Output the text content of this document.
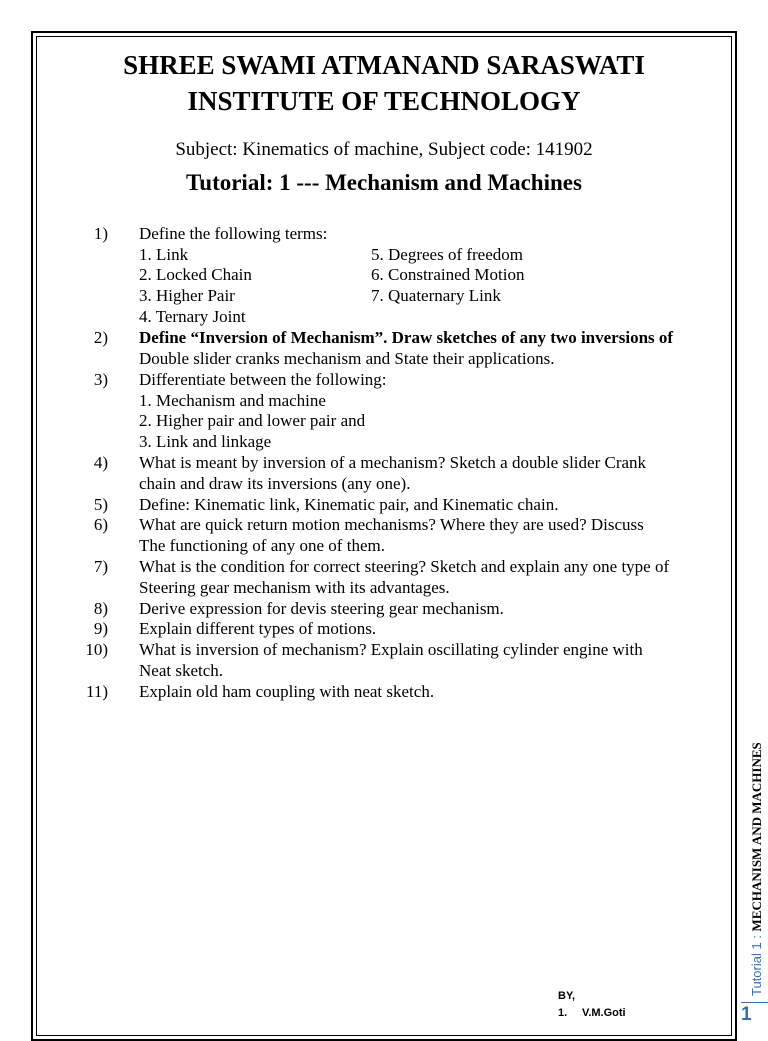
SHREE SWAMI ATMANAND SARASWATI
INSTITUTE OF TECHNOLOGY
Subject: Kinematics of machine, Subject code: 141902
Tutorial: 1 --- Mechanism and Machines
1) Define the following terms:
1. Link	5. Degrees of freedom
2. Locked Chain	6. Constrained Motion
3. Higher Pair	7. Quaternary Link
4. Ternary Joint
2) Define “Inversion of Mechanism”. Draw sketches of any two inversions of
Double slider cranks mechanism and State their applications.
3) Differentiate between the following:
1. Mechanism and machine
2. Higher pair and lower pair and
3. Link and linkage
4) What is meant by inversion of a mechanism? Sketch a double slider Crank
chain and draw its inversions (any one).
5) Define: Kinematic link, Kinematic pair, and Kinematic chain.
6) What are quick return motion mechanisms? Where they are used? Discuss
The functioning of any one of them.
7) What is the condition for correct steering? Sketch and explain any one type of
Steering gear mechanism with its advantages.
8) Derive expression for devis steering gear mechanism.
9) Explain different types of motions.
10) What is inversion of mechanism? Explain oscillating cylinder engine with
Neat sketch.
11) Explain old ham coupling with neat sketch.
Tutorial 1 : MECHANISM AND MACHINES
1
BY,
1. V.M.Goti
